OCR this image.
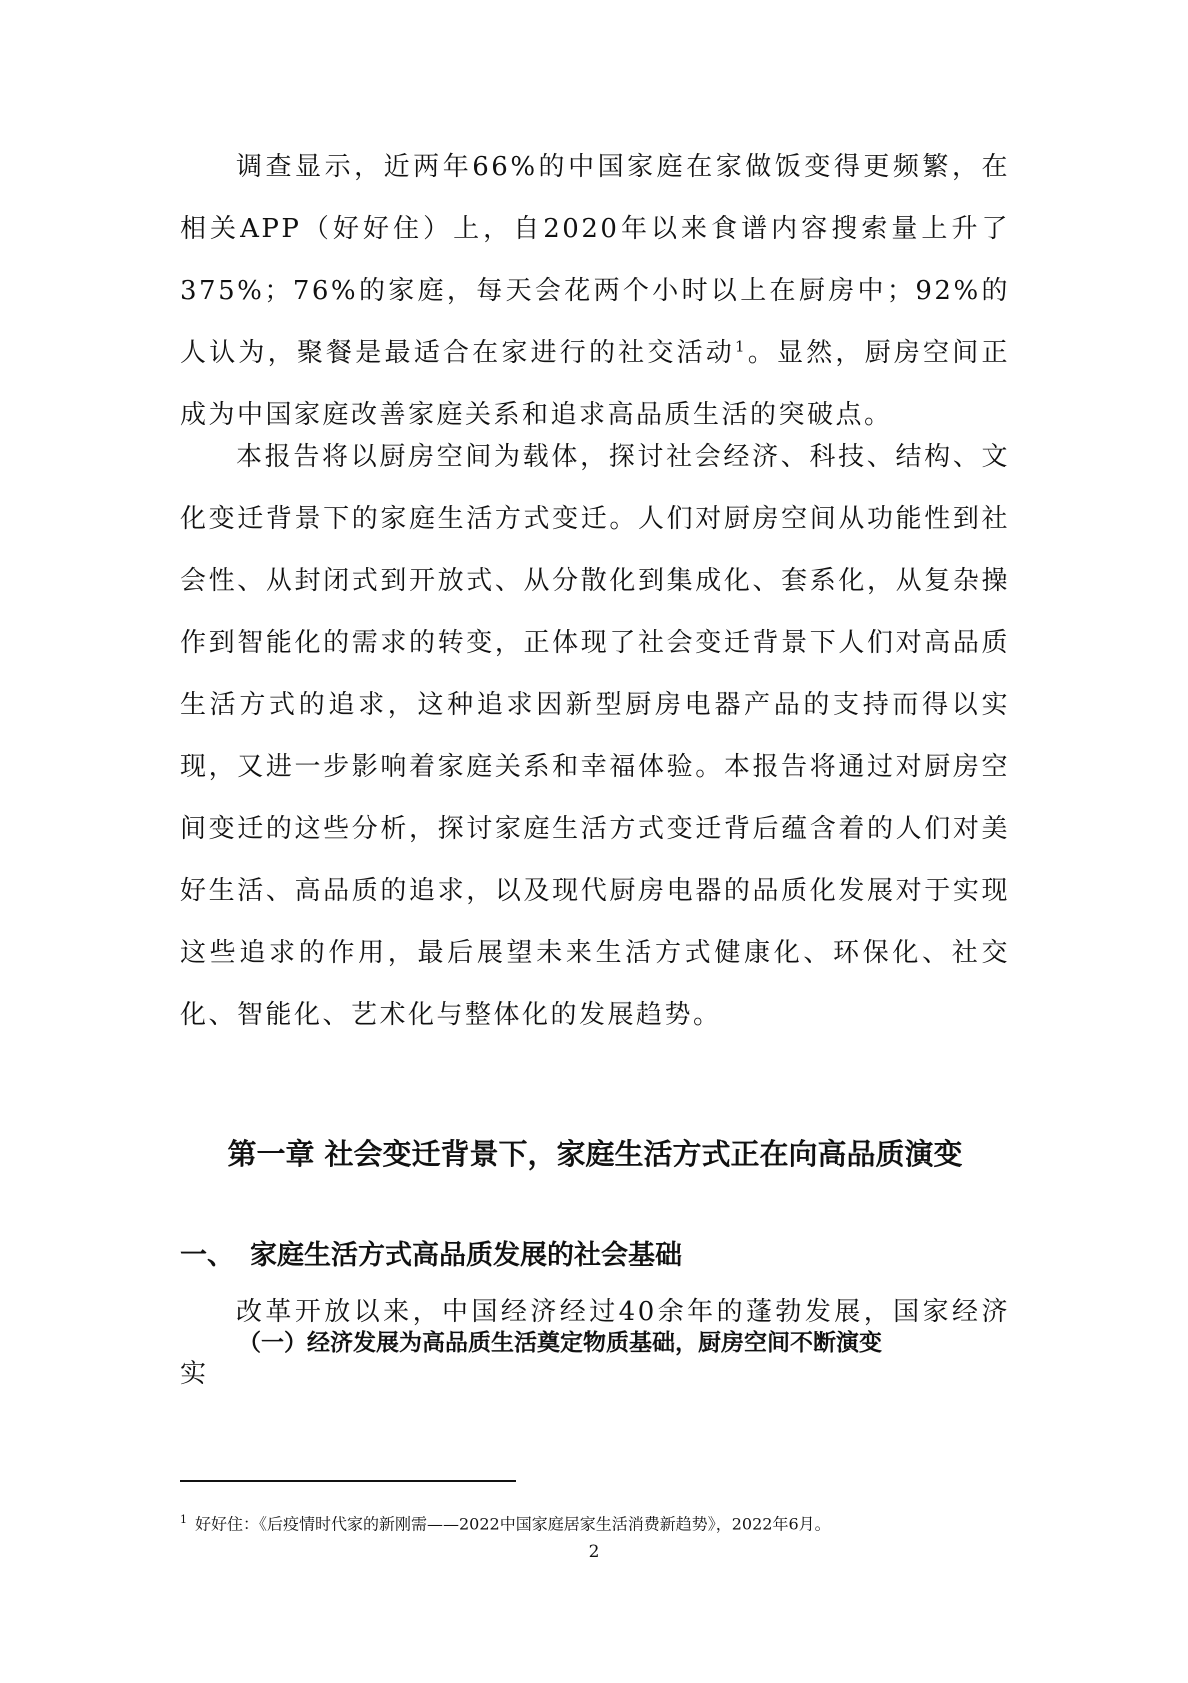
调查显示，近两年66%的中国家庭在家做饭变得更频繁，在相关APP（好好住）上，自2020年以来食谱内容搜索量上升了375%；76%的家庭，每天会花两个小时以上在厨房中；92%的人认为，聚餐是最适合在家进行的社交活动$^1$。显然，厨房空间正成为中国家庭改善家庭关系和追求高品质生活的突破点。

本报告将以厨房空间为载体，探讨社会经济、科技、结构、文化变迁背景下的家庭生活方式变迁。人们对厨房空间从功能性到社会性、从封闭式到开放式、从分散化到集成化、套系化，从复杂操作到智能化的需求的转变，正体现了社会变迁背景下人们对高品质生活方式的追求，这种追求因新型厨房电器产品的支持而得以实现，又进一步影响着家庭关系和幸福体验。本报告将通过对厨房空间变迁的这些分析，探讨家庭生活方式变迁背后蕴含着的人们对美好生活、高品质的追求，以及现代厨房电器的品质化发展对于实现这些追求的作用，最后展望未来生活方式健康化、环保化、社交化、智能化、艺术化与整体化的发展趋势。

第一章 社会变迁背景下，家庭生活方式正在向高品质演变
一、 家庭生活方式高品质发展的社会基础
（一）经济发展为高品质生活奠定物质基础，厨房空间不断演变

改革开放以来，中国经济经过40余年的蓬勃发展，国家经济实

$^1$ 好好住：《后疫情时代家的新刚需——2022中国家庭居家生活消费新趋势》，2022年6月。

2
